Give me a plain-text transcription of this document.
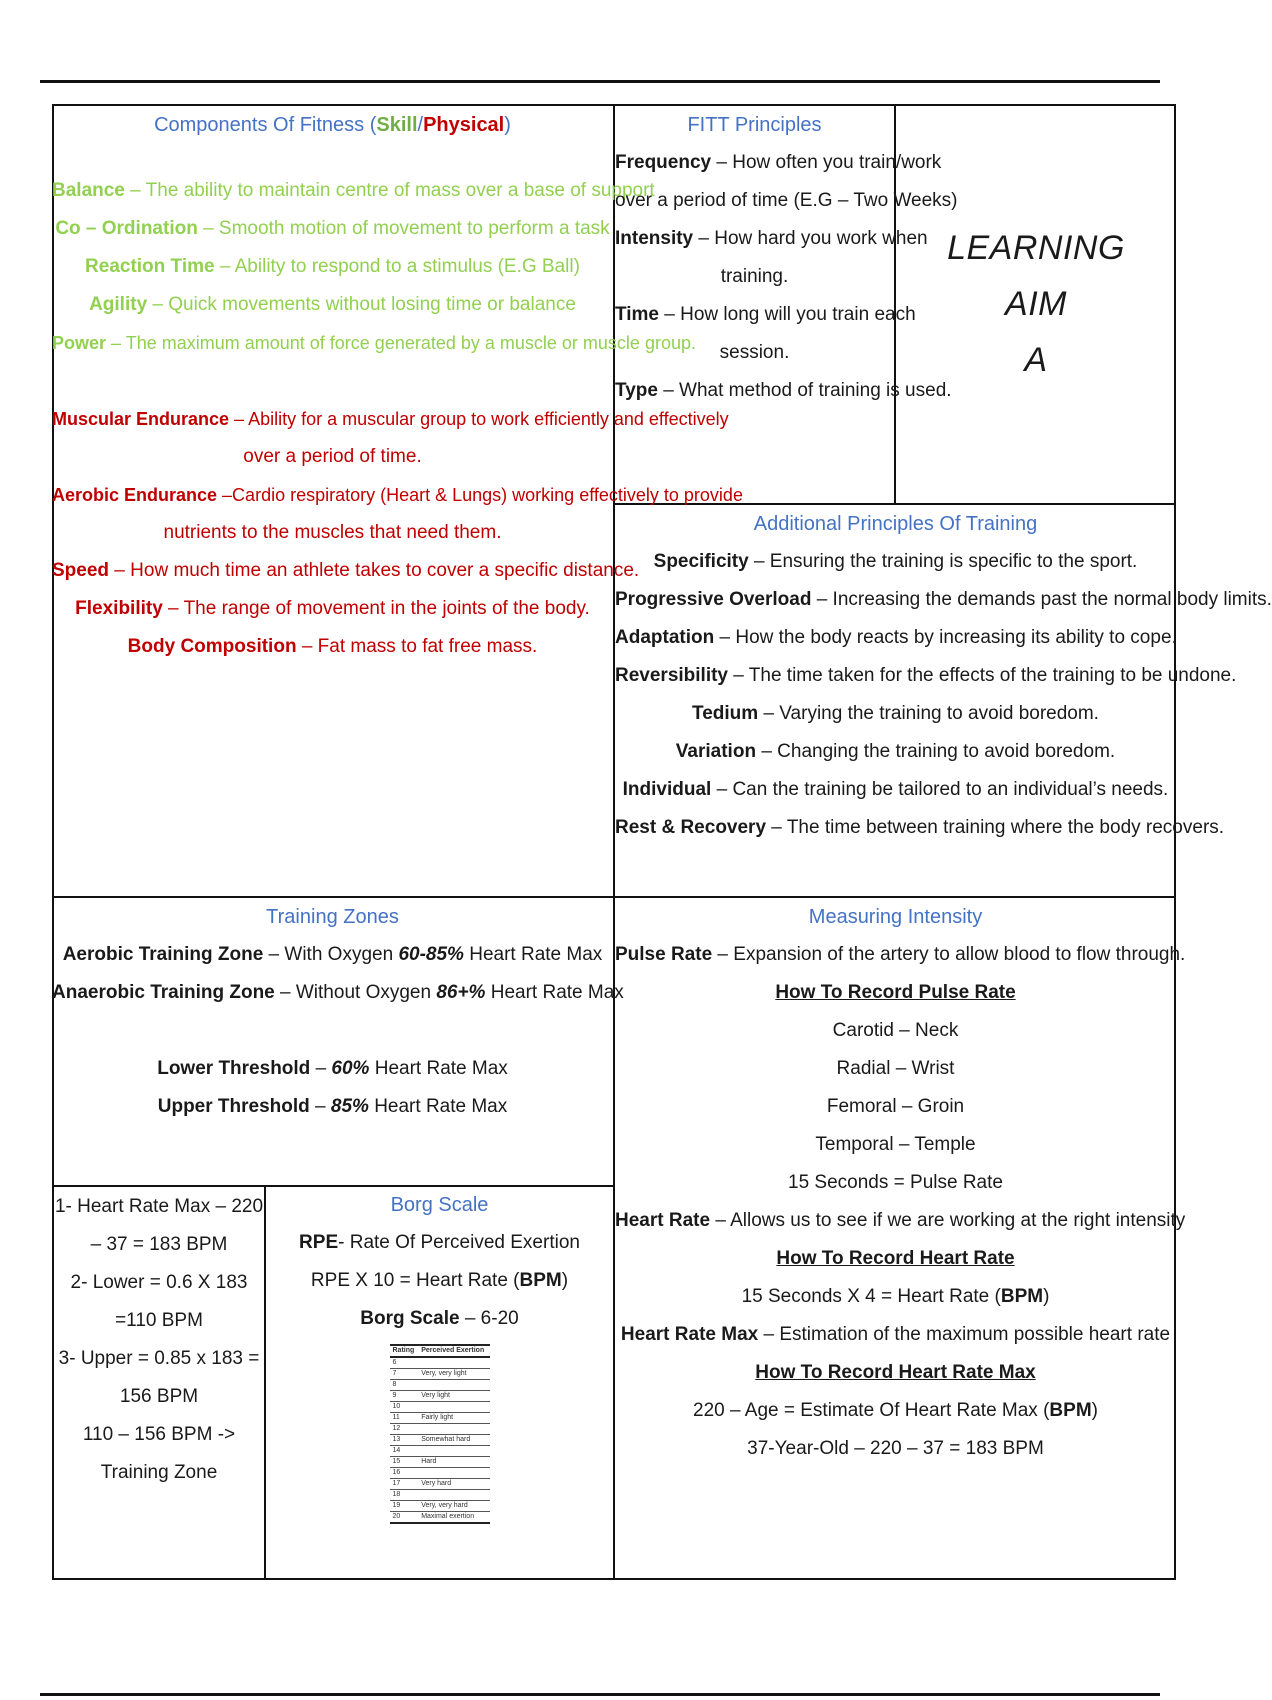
Components Of Fitness (Skill/Physical)
Balance – The ability to maintain centre of mass over a base of support
Co – Ordination – Smooth motion of movement to perform a task
Reaction Time – Ability to respond to a stimulus (E.G Ball)
Agility – Quick movements without losing time or balance
Power – The maximum amount of force generated by a muscle or muscle group.
Muscular Endurance – Ability for a muscular group to work efficiently and effectively
over a period of time.
Aerobic Endurance –Cardio respiratory (Heart & Lungs) working effectively to provide
nutrients to the muscles that need them.
Speed – How much time an athlete takes to cover a specific distance.
Flexibility – The range of movement in the joints of the body.
Body Composition – Fat mass to fat free mass.
FITT Principles
Frequency – How often you train/work
over a period of time (E.G – Two Weeks)
Intensity – How hard you work when
training.
Time – How long will you train each
session.
Type – What method of training is used.
LEARNING
AIM
A
Additional Principles Of Training
Specificity – Ensuring the training is specific to the sport.
Progressive Overload – Increasing the demands past the normal body limits.
Adaptation – How the body reacts by increasing its ability to cope.
Reversibility – The time taken for the effects of the training to be undone.
Tedium – Varying the training to avoid boredom.
Variation – Changing the training to avoid boredom.
Individual – Can the training be tailored to an individual’s needs.
Rest & Recovery – The time between training where the body recovers.
Training Zones
Aerobic Training Zone – With Oxygen 60-85% Heart Rate Max
Anaerobic Training Zone – Without Oxygen 86+% Heart Rate Max
Lower Threshold – 60% Heart Rate Max
Upper Threshold – 85% Heart Rate Max
1- Heart Rate Max – 220
– 37 = 183 BPM
2- Lower = 0.6 X 183
=110 BPM
3- Upper = 0.85 x 183 =
156 BPM
110 – 156 BPM ->
Training Zone
Borg Scale
RPE- Rate Of Perceived Exertion
RPE X 10 = Heart Rate (BPM)
Borg Scale – 6-20
Rating	Perceived Exertion
6	
7	Very, very light
8	
9	Very light
10	
11	Fairly light
12	
13	Somewhat hard
14	
15	Hard
16	
17	Very hard
18	
19	Very, very hard
20	Maximal exertion
Measuring Intensity
Pulse Rate – Expansion of the artery to allow blood to flow through.
How To Record Pulse Rate
Carotid – Neck
Radial – Wrist
Femoral – Groin
Temporal – Temple
15 Seconds = Pulse Rate
Heart Rate – Allows us to see if we are working at the right intensity
How To Record Heart Rate
15 Seconds X 4 = Heart Rate (BPM)
Heart Rate Max – Estimation of the maximum possible heart rate
How To Record Heart Rate Max
220 – Age = Estimate Of Heart Rate Max (BPM)
37-Year-Old – 220 – 37 = 183 BPM
